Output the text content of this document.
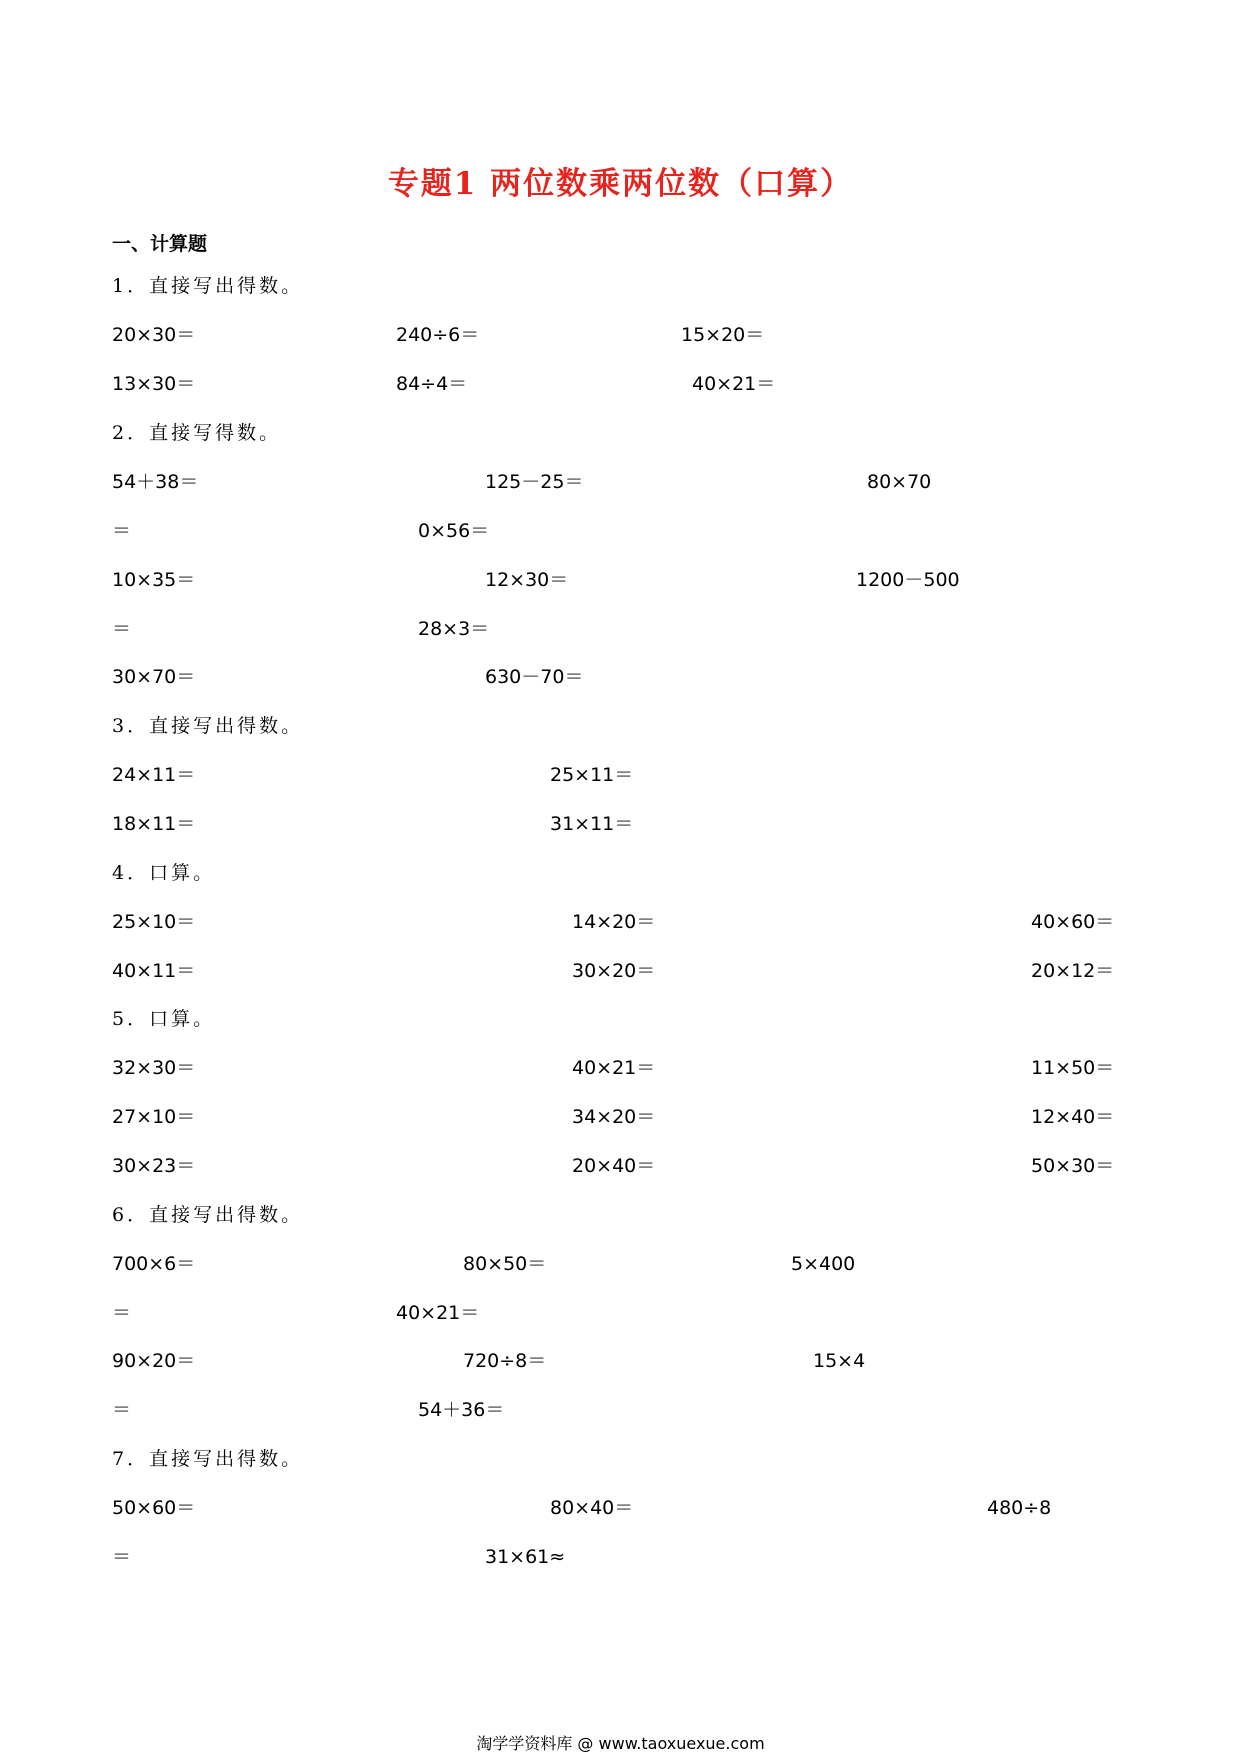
专题1 两位数乘两位数（口算）
一、计算题
1．直接写出得数。
20×30＝	240÷6＝	15×20＝
13×30＝	84÷4＝	40×21＝
2．直接写得数。
54＋38＝	125－25＝	80×70
＝	0×56＝
10×35＝	12×30＝	1200－500
＝	28×3＝
30×70＝	630－70＝
3．直接写出得数。
24×11＝	25×11＝
18×11＝	31×11＝
4．口算。
25×10＝	14×20＝	40×60＝
40×11＝	30×20＝	20×12＝
5．口算。
32×30＝	40×21＝	11×50＝
27×10＝	34×20＝	12×40＝
30×23＝	20×40＝	50×30＝
6．直接写出得数。
700×6＝	80×50＝	5×400
＝	40×21＝
90×20＝	720÷8＝	15×4
＝	54＋36＝
7．直接写出得数。
50×60＝	80×40＝	480÷8
＝	31×61≈
淘学学资料库 @ www.taoxuexue.com
